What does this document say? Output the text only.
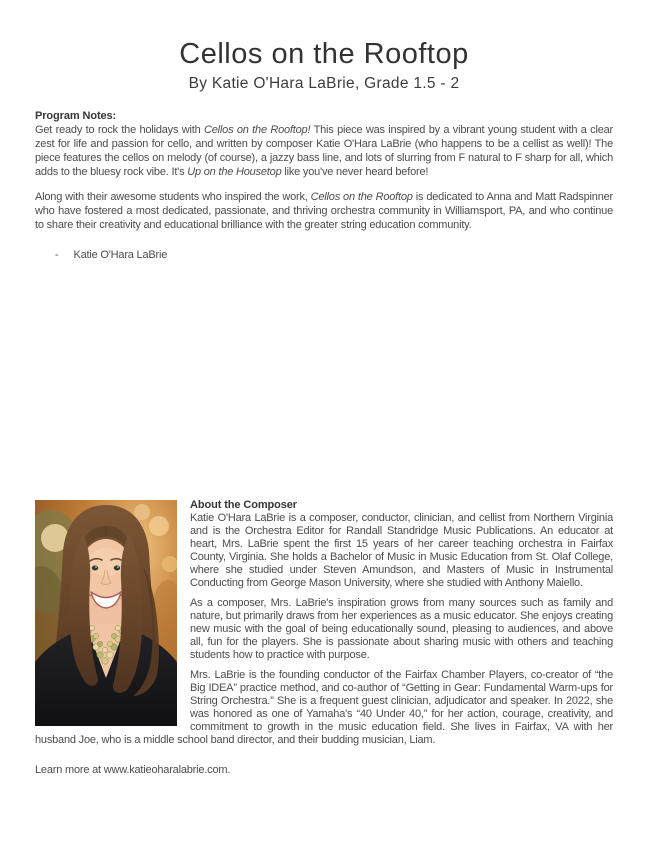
Cellos on the Rooftop
By Katie O'Hara LaBrie, Grade 1.5 - 2
Program Notes:

Get ready to rock the holidays with Cellos on the Rooftop! This piece was inspired by a vibrant young student with a clear zest for life and passion for cello, and written by composer Katie O'Hara LaBrie (who happens to be a cellist as well)! The piece features the cellos on melody (of course), a jazzy bass line, and lots of slurring from F natural to F sharp for all, which adds to the bluesy rock vibe. It's Up on the Housetop like you've never heard before!

Along with their awesome students who inspired the work, Cellos on the Rooftop is dedicated to Anna and Matt Radspinner who have fostered a most dedicated, passionate, and thriving orchestra community in Williamsport, PA, and who continue to share their creativity and educational brilliance with the greater string education community.

- Katie O'Hara LaBrie
About the Composer

Katie O'Hara LaBrie is a composer, conductor, clinician, and cellist from Northern Virginia and is the Orchestra Editor for Randall Standridge Music Publications. An educator at heart, Mrs. LaBrie spent the first 15 years of her career teaching orchestra in Fairfax County, Virginia. She holds a Bachelor of Music in Music Education from St. Olaf College, where she studied under Steven Amundson, and Masters of Music in Instrumental Conducting from George Mason University, where she studied with Anthony Maiello.

As a composer, Mrs. LaBrie's inspiration grows from many sources such as family and nature, but primarily draws from her experiences as a music educator. She enjoys creating new music with the goal of being educationally sound, pleasing to audiences, and above all, fun for the players. She is passionate about sharing music with others and teaching students how to practice with purpose.

Mrs. LaBrie is the founding conductor of the Fairfax Chamber Players, co-creator of “the Big IDEA” practice method, and co-author of “Getting in Gear: Fundamental Warm-ups for String Orchestra.” She is a frequent guest clinician, adjudicator and speaker. In 2022, she was honored as one of Yamaha's “40 Under 40,” for her action, courage, creativity, and commitment to growth in the music education field. She lives in Fairfax, VA with her husband Joe, who is a middle school band director, and their budding musician, Liam.

Learn more at www.katieoharalabrie.com.
